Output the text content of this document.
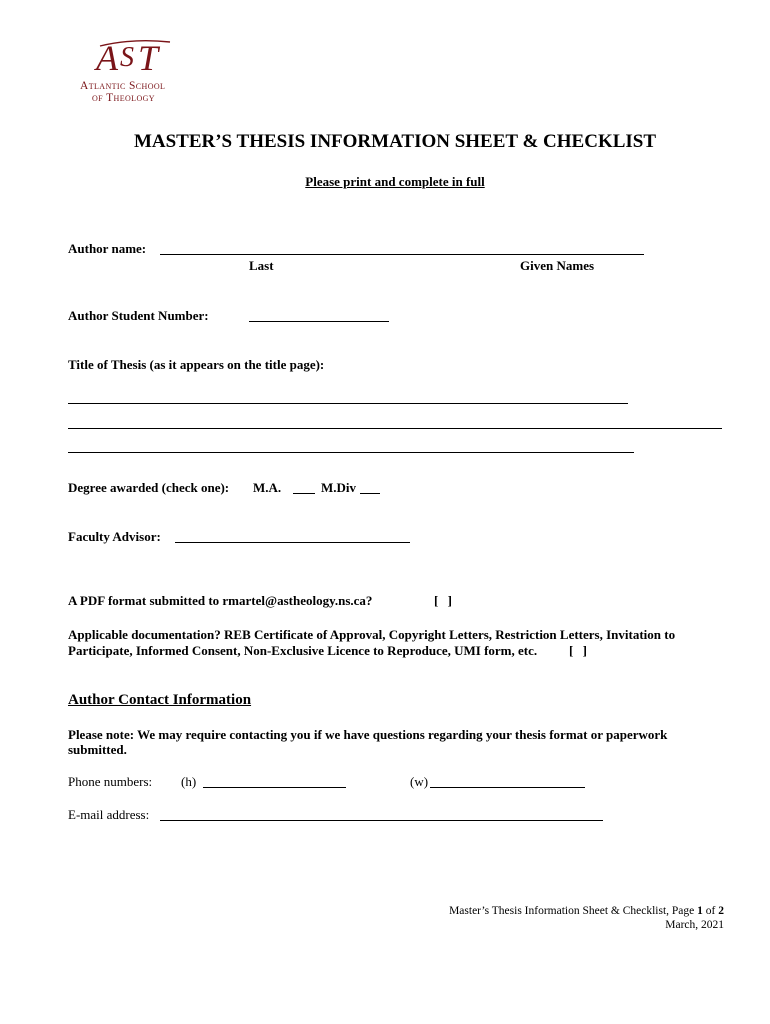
A S T
Atlantic School
of Theology
MASTER’S THESIS INFORMATION SHEET & CHECKLIST
Please print and complete in full
Author name:
Last	Given Names
Author Student Number:
Title of Thesis (as it appears on the title page):
Degree awarded (check one): M.A.	M.Div
Faculty Advisor:
A PDF format submitted to rmartel@astheology.ns.ca?	[ ]
Applicable documentation? REB Certificate of Approval, Copyright Letters, Restriction Letters, Invitation to
Participate, Informed Consent, Non-Exclusive Licence to Reproduce, UMI form, etc. [ ]
Author Contact Information
Please note: We may require contacting you if we have questions regarding your thesis format or paperwork
submitted.
Phone numbers: (h)	(w)
E-mail address:
Master’s Thesis Information Sheet & Checklist, Page 1 of 2
March, 2021
